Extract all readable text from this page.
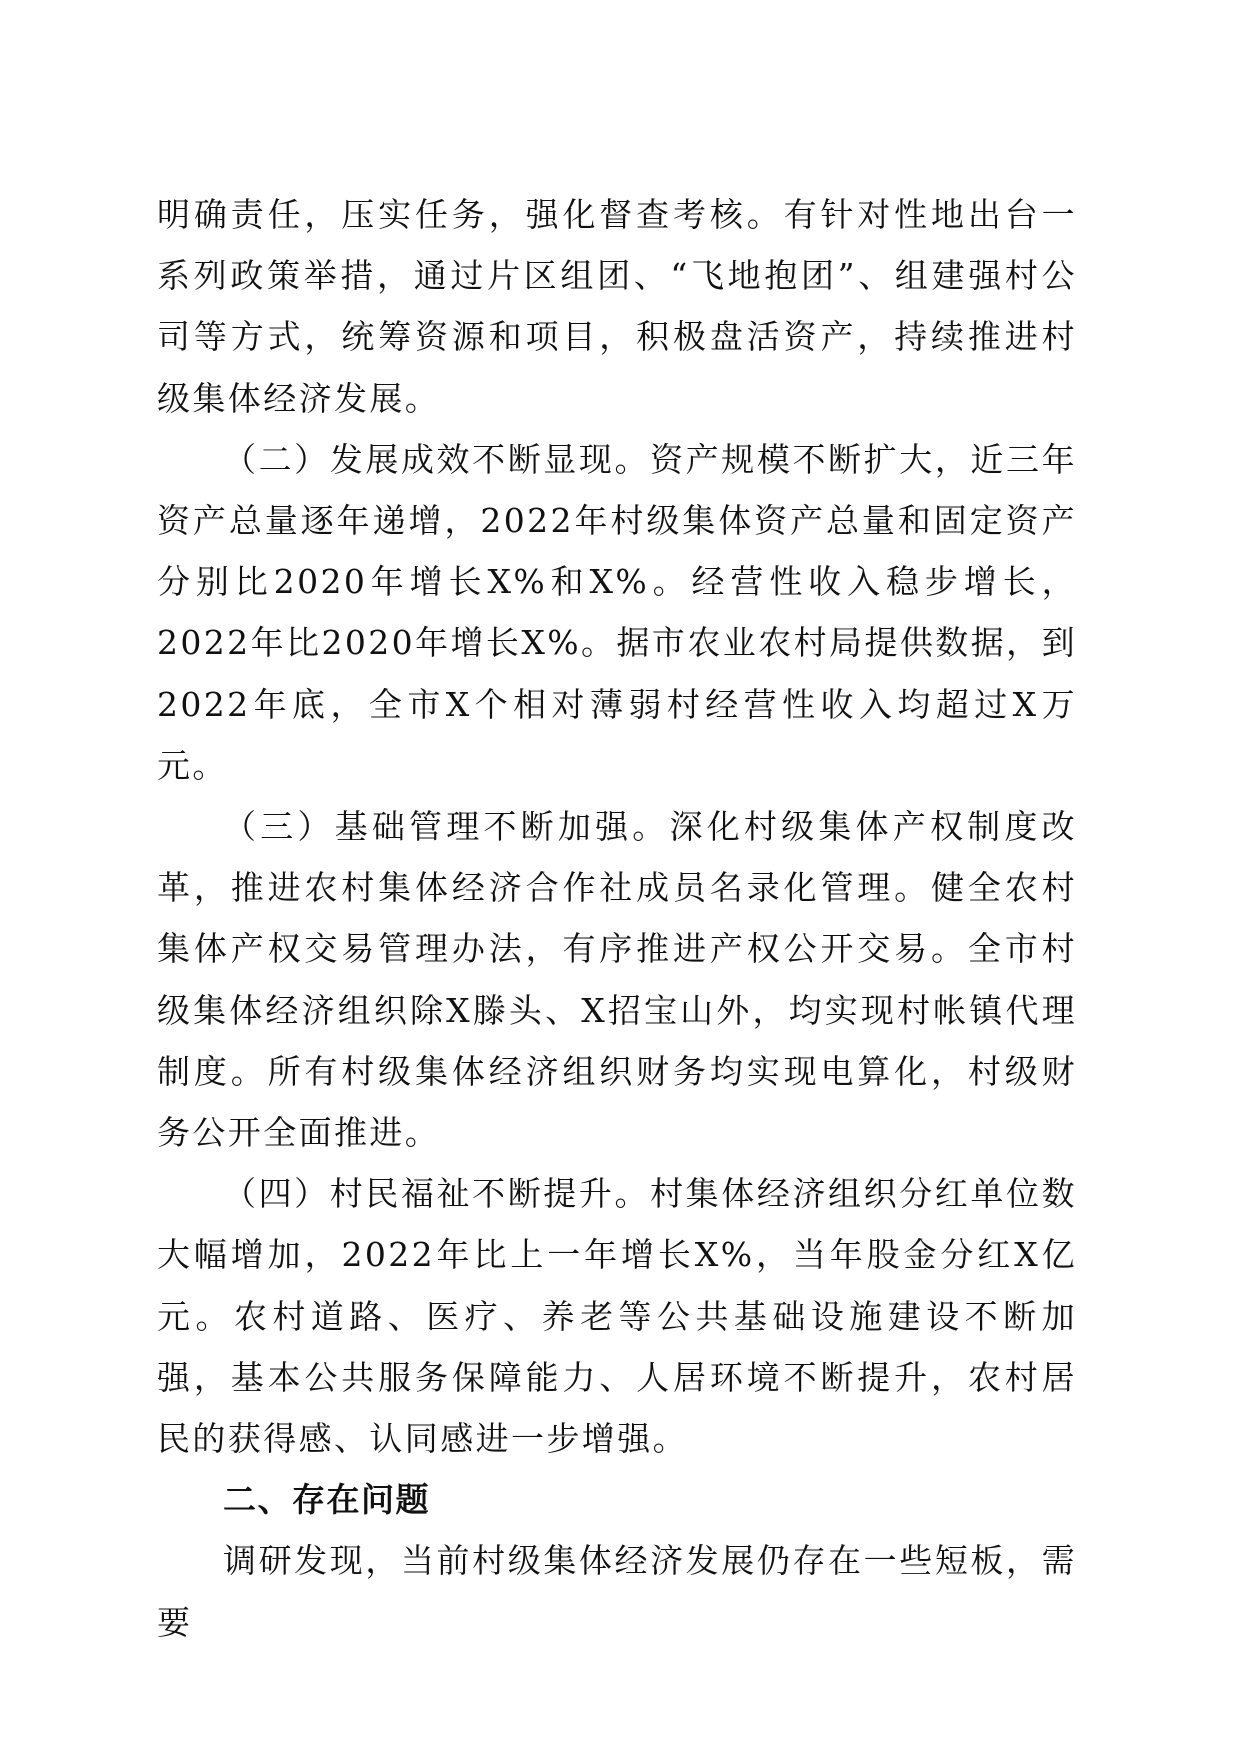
明确责任，压实任务，强化督查考核。有针对性地出台一系列政策举措，通过片区组团、“飞地抱团”、组建强村公司等方式，统筹资源和项目，积极盘活资产，持续推进村级集体经济发展。

（二）发展成效不断显现。资产规模不断扩大，近三年资产总量逐年递增，2022年村级集体资产总量和固定资产分别比2020年增长X%和X%。经营性收入稳步增长，2022年比2020年增长X%。据市农业农村局提供数据，到2022年底，全市X个相对薄弱村经营性收入均超过X万元。

（三）基础管理不断加强。深化村级集体产权制度改革，推进农村集体经济合作社成员名录化管理。健全农村集体产权交易管理办法，有序推进产权公开交易。全市村级集体经济组织除X滕头、X招宝山外，均实现村帐镇代理制度。所有村级集体经济组织财务均实现电算化，村级财务公开全面推进。

（四）村民福祉不断提升。村集体经济组织分红单位数大幅增加，2022年比上一年增长X%，当年股金分红X亿元。农村道路、医疗、养老等公共基础设施建设不断加强，基本公共服务保障能力、人居环境不断提升，农村居民的获得感、认同感进一步增强。

二、存在问题

调研发现，当前村级集体经济发展仍存在一些短板，需要
